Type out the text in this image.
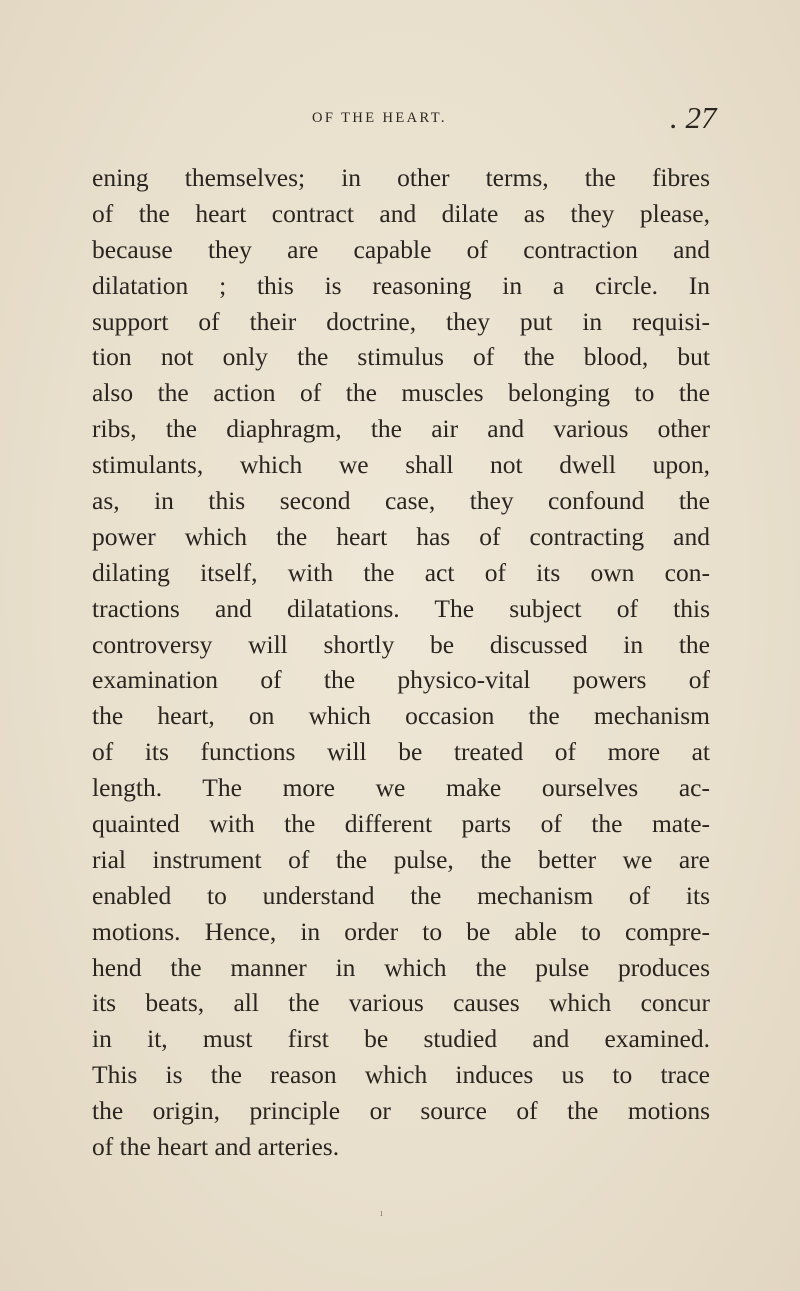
OF THE HEART.	. 27
ening themselves; in other terms, the fibres
of the heart contract and dilate as they please,
because they are capable of contraction and
dilatation ; this is reasoning in a circle. In
support of their doctrine, they put in requisi-
tion not only the stimulus of the blood, but
also the action of the muscles belonging to the
ribs, the diaphragm, the air and various other
stimulants, which we shall not dwell upon,
as, in this second case, they confound the
power which the heart has of contracting and
dilating itself, with the act of its own con-
tractions and dilatations. The subject of this
controversy will shortly be discussed in the
examination of the physico-vital powers of
the heart, on which occasion the mechanism
of its functions will be treated of more at
length. The more we make ourselves ac-
quainted with the different parts of the mate-
rial instrument of the pulse, the better we are
enabled to understand the mechanism of its
motions. Hence, in order to be able to compre-
hend the manner in which the pulse produces
its beats, all the various causes which concur
in it, must first be studied and examined.
This is the reason which induces us to trace
the origin, principle or source of the motions
of the heart and arteries.
ı
